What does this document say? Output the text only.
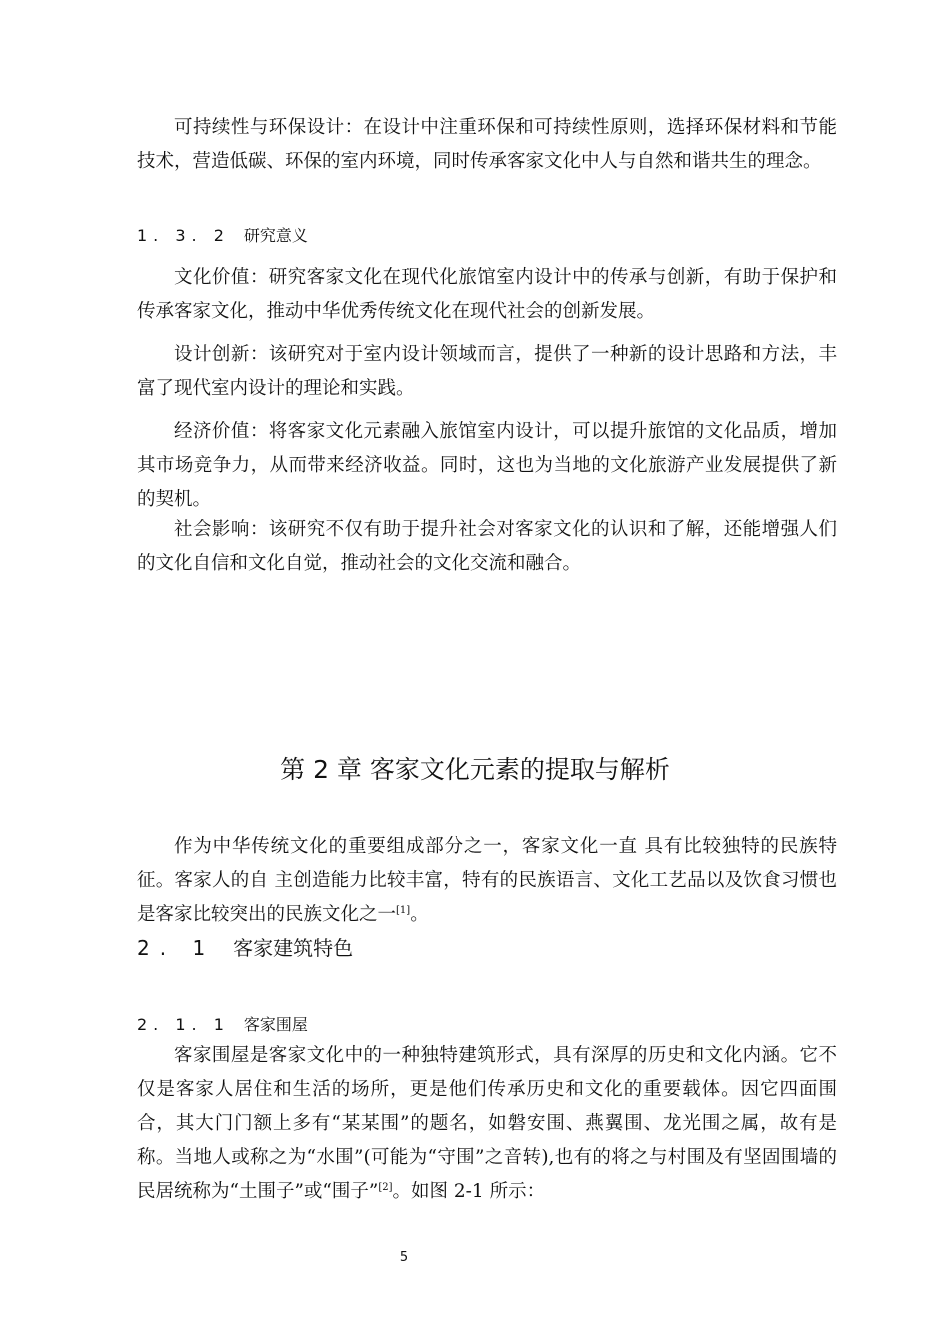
可持续性与环保设计：在设计中注重环保和可持续性原则，选择环保材料和节能技术，营造低碳、环保的室内环境，同时传承客家文化中人与自然和谐共生的理念。

1. 3. 2 研究意义

文化价值：研究客家文化在现代化旅馆室内设计中的传承与创新，有助于保护和传承客家文化，推动中华优秀传统文化在现代社会的创新发展。

设计创新：该研究对于室内设计领域而言，提供了一种新的设计思路和方法，丰富了现代室内设计的理论和实践。

经济价值：将客家文化元素融入旅馆室内设计，可以提升旅馆的文化品质，增加其市场竞争力，从而带来经济收益。同时，这也为当地的文化旅游产业发展提供了新的契机。

社会影响：该研究不仅有助于提升社会对客家文化的认识和了解，还能增强人们的文化自信和文化自觉，推动社会的文化交流和融合。

第 2 章 客家文化元素的提取与解析

作为中华传统文化的重要组成部分之一，客家文化一直 具有比较独特的民族特征。客家人的自 主创造能力比较丰富，特有的民族语言、文化工艺品以及饮食习惯也是客家比较突出的民族文化之一[1]。

2. 1 客家建筑特色
2. 1. 1 客家围屋

客家围屋是客家文化中的一种独特建筑形式，具有深厚的历史和文化内涵。它不仅是客家人居住和生活的场所，更是他们传承历史和文化的重要载体。因它四面围合，其大门门额上多有“某某围”的题名，如磐安围、燕翼围、龙光围之属，故有是称。当地人或称之为“水围”(可能为“守围”之音转),也有的将之与村围及有坚固围墙的民居统称为“土围子”或“围子”[2]。如图 2-1 所示：

5
